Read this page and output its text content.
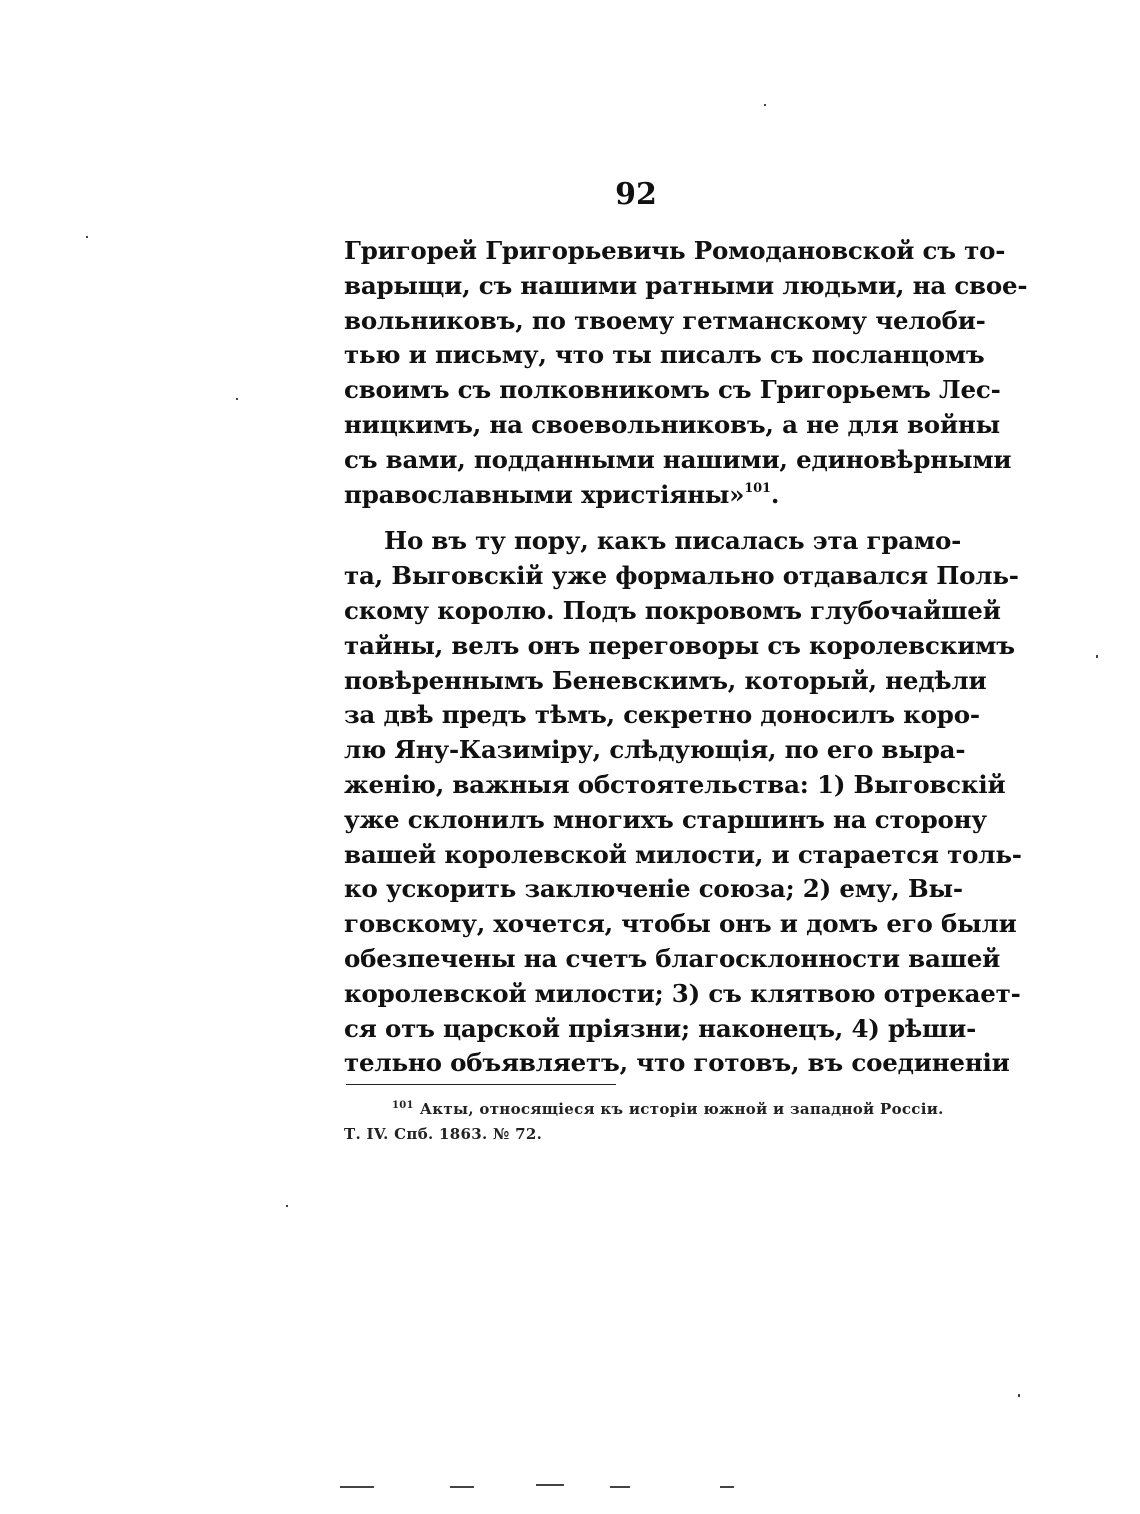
92
Григорей Григорьевичь Ромодановской съ то-
варыщи, съ нашими ратными людьми, на свое-
вольниковъ, по твоему гетманскому челоби-
тью и письму, что ты писалъ съ посланцомъ
своимъ съ полковникомъ съ Григорьемъ Лес-
ницкимъ, на своевольниковъ, а не для войны
съ вами, подданными нашими, единовѣрными
православными христіяны»$^{101}$.
Но въ ту пору, какъ писалась эта грамо-
та, Выговскій уже формально отдавался Поль-
скому королю. Подъ покровомъ глубочайшей
тайны, велъ онъ переговоры съ королевскимъ
повѣреннымъ Беневскимъ, который, недѣли
за двѣ предъ тѣмъ, секретно доносилъ коро-
лю Яну-Казиміру, слѣдующія, по его выра-
женію, важныя обстоятельства: 1) Выговскій
уже склонилъ многихъ старшинъ на сторону
вашей королевской милости, и старается толь-
ко ускорить заключеніе союза; 2) ему, Вы-
говскому, хочется, чтобы онъ и домъ его были
обезпечены на счетъ благосклонности вашей
королевской милости; 3) съ клятвою отрекает-
ся отъ царской пріязни; наконецъ, 4) рѣши-
тельно объявляетъ, что готовъ, въ соединеніи
$^{101}$ Акты, относящіеся къ исторіи южной и западной Россіи.
Т. IV. Спб. 1863. № 72.
